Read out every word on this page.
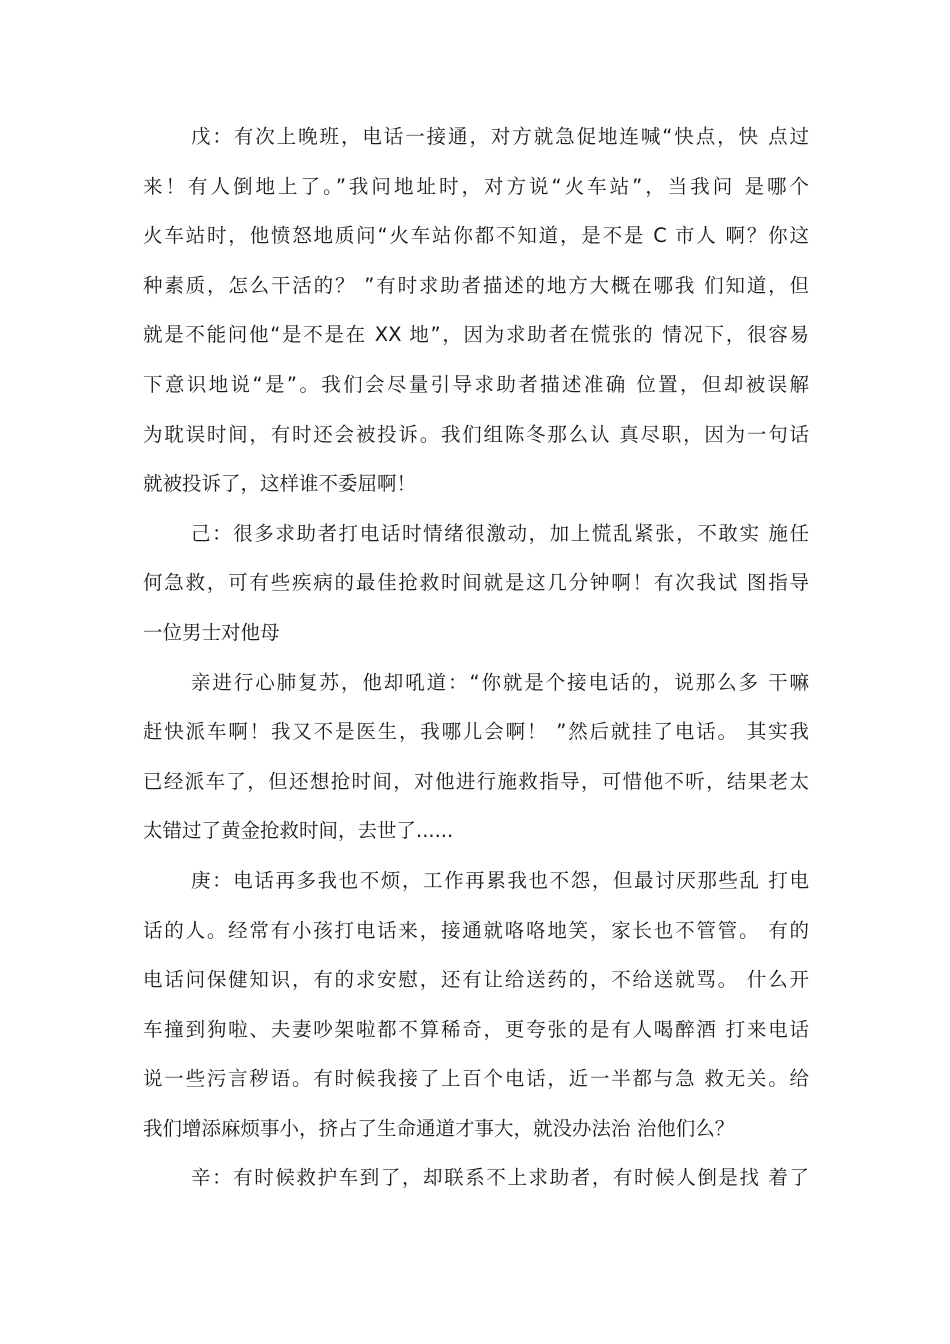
戊：有次上晚班，电话一接通，对方就急促地连喊“快点，快 点过
来！有人倒地上了。”我问地址时，对方说“火车站”，当我问 是哪个
火车站时，他愤怒地质问“火车站你都不知道，是不是 C 市人 啊？你这
种素质，怎么干活的？ ”有时求助者描述的地方大概在哪我 们知道，但
就是不能问他“是不是在 XX 地”，因为求助者在慌张的 情况下，很容易
下意识地说“是”。我们会尽量引导求助者描述准确 位置，但却被误解
为耽误时间，有时还会被投诉。我们组陈冬那么认 真尽职，因为一句话
就被投诉了，这样谁不委屈啊！
己：很多求助者打电话时情绪很激动，加上慌乱紧张，不敢实 施任
何急救，可有些疾病的最佳抢救时间就是这几分钟啊！有次我试 图指导
一位男士对他母
亲进行心肺复苏，他却吼道：“你就是个接电话的，说那么多 干嘛
赶快派车啊！我又不是医生，我哪儿会啊！ ”然后就挂了电话。 其实我
已经派车了，但还想抢时间，对他进行施救指导，可惜他不听，结果老太
太错过了黄金抢救时间，去世了......
庚：电话再多我也不烦，工作再累我也不怨，但最讨厌那些乱 打电
话的人。经常有小孩打电话来，接通就咯咯地笑，家长也不管管。 有的
电话问保健知识，有的求安慰，还有让给送药的，不给送就骂。 什么开
车撞到狗啦、夫妻吵架啦都不算稀奇，更夸张的是有人喝醉酒 打来电话
说一些污言秽语。有时候我接了上百个电话，近一半都与急 救无关。给
我们增添麻烦事小，挤占了生命通道才事大，就没办法治 治他们么？
辛：有时候救护车到了，却联系不上求助者，有时候人倒是找 着了
